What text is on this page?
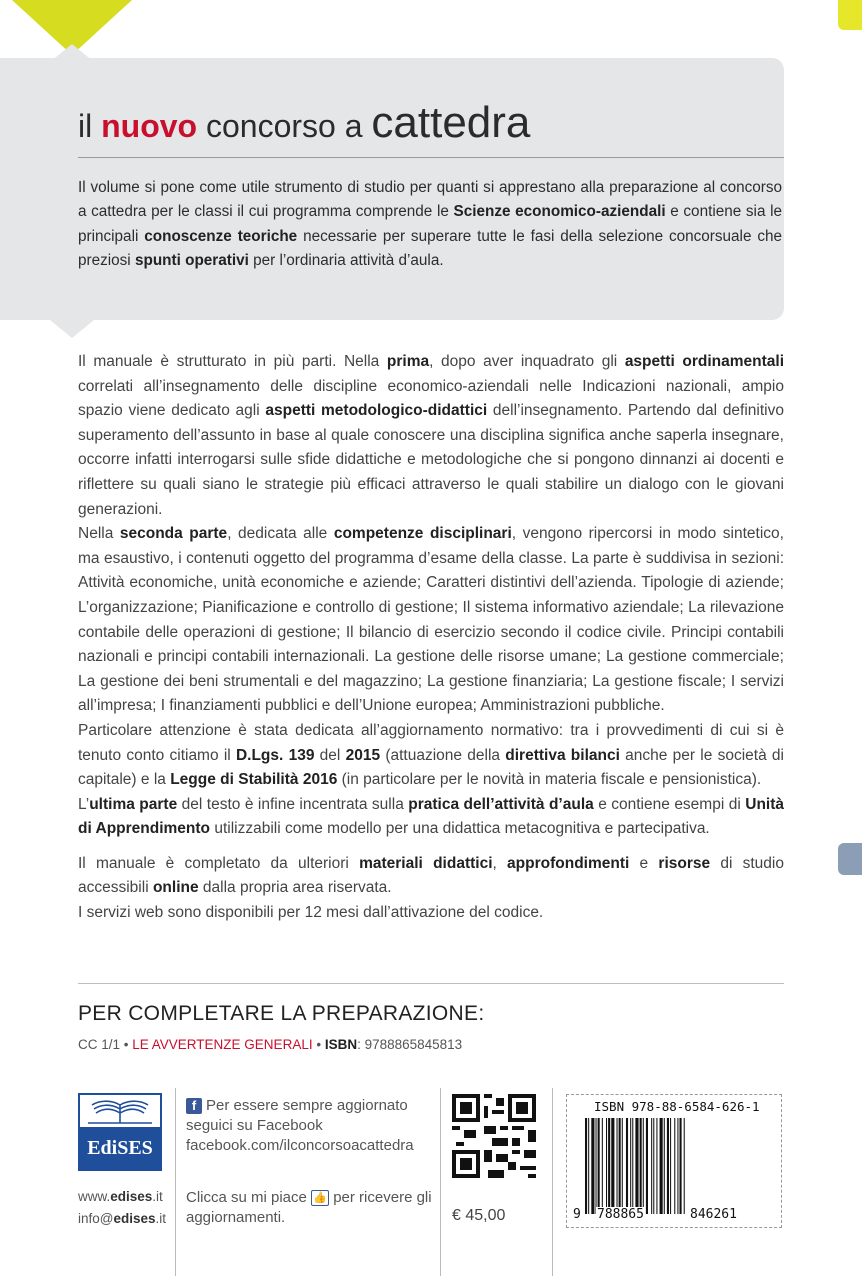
il nuovo concorso a cattedra
Il volume si pone come utile strumento di studio per quanti si apprestano alla preparazione al concorso a cattedra per le classi il cui programma comprende le Scienze economico-aziendali e contiene sia le principali conoscenze teoriche necessarie per superare tutte le fasi della selezione concorsuale che preziosi spunti operativi per l’ordinaria attività d’aula.

Il manuale è strutturato in più parti. Nella prima, dopo aver inquadrato gli aspetti ordinamentali correlati all’insegnamento delle discipline economico-aziendali nelle Indicazioni nazionali, ampio spazio viene dedicato agli aspetti metodologico-didattici dell’insegnamento. Partendo dal definitivo superamento dell’assunto in base al quale conoscere una disciplina significa anche saperla insegnare, occorre infatti interrogarsi sulle sfide didattiche e metodologiche che si pongono dinnanzi ai docenti e riflettere su quali siano le strategie più efficaci attraverso le quali stabilire un dialogo con le giovani generazioni.

Nella seconda parte, dedicata alle competenze disciplinari, vengono ripercorsi in modo sintetico, ma esaustivo, i contenuti oggetto del programma d’esame della classe. La parte è suddivisa in sezioni: Attività economiche, unità economiche e aziende; Caratteri distintivi dell’azienda. Tipologie di aziende; L’organizzazione; Pianificazione e controllo di gestione; Il sistema informativo aziendale; La rilevazione contabile delle operazioni di gestione; Il bilancio di esercizio secondo il codice civile. Principi contabili nazionali e principi contabili internazionali. La gestione delle risorse umane; La gestione commerciale; La gestione dei beni strumentali e del magazzino; La gestione finanziaria; La gestione fiscale; I servizi all’impresa; I finanziamenti pubblici e dell’Unione europea; Amministrazioni pubbliche.

Particolare attenzione è stata dedicata all’aggiornamento normativo: tra i provvedimenti di cui si è tenuto conto citiamo il D.Lgs. 139 del 2015 (attuazione della direttiva bilanci anche per le società di capitale) e la Legge di Stabilità 2016 (in particolare per le novità in materia fiscale e pensionistica).

L’ultima parte del testo è infine incentrata sulla pratica dell’attività d’aula e contiene esempi di Unità di Apprendimento utilizzabili come modello per una didattica metacognitiva e partecipativa.

Il manuale è completato da ulteriori materiali didattici, approfondimenti e risorse di studio accessibili online dalla propria area riservata.

I servizi web sono disponibili per 12 mesi dall’attivazione del codice.

PER COMPLETARE LA PREPARAZIONE:
CC 1/1 • LE AVVERTENZE GENERALI • ISBN: 9788865845813
EdiSES
www.edises.it
info@edises.it
f Per essere sempre aggiornato seguici su Facebook
facebook.com/ilconcorsoacattedra
Clicca su mi piace 👍 per ricevere gli aggiornamenti.	€ 45,00
ISBN 978-88-6584-626-1
9 788865	846261
